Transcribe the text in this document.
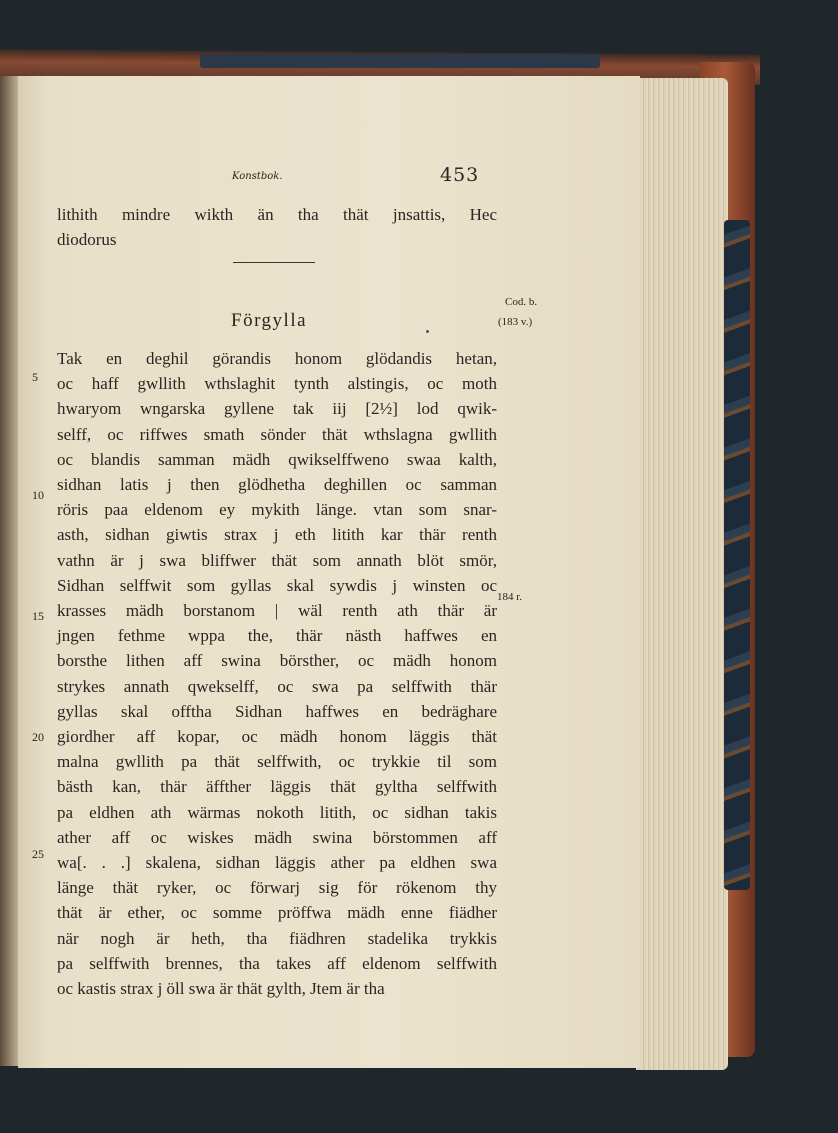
Konstbok.	453
lithith mindre wikth än tha thät jnsattis, Hec
diodorus
Förgylla
Cod. b.
(183 v.)
184 r.
5
10
15
20
25
Tak en deghil görandis honom glödandis hetan,
oc haff gwllith wthslaghit tynth alstingis, oc moth
hwaryom wngarska gyllene tak iij [2½] lod qwik-
selff, oc riffwes smath sönder thät wthslagna gwllith
oc blandis samman mädh qwikselffweno swaa kalth,
sidhan latis j then glödhetha deghillen oc samman
röris paa eldenom ey mykith länge. vtan som snar-
asth, sidhan giwtis strax j eth litith kar thär renth
vathn är j swa bliffwer thät som annath blöt smör,
Sidhan selffwit som gyllas skal sywdis j winsten oc
krasses mädh borstanom | wäl renth ath thär är
jngen fethme wppa the, thär nästh haffwes en
borsthe lithen aff swina börsther, oc mädh honom
strykes annath qwekselff, oc swa pa selffwith thär
gyllas skal offtha Sidhan haffwes en bedräghare
giordher aff kopar, oc mädh honom läggis thät
malna gwllith pa thät selffwith, oc trykkie til som
bästh kan, thär äffther läggis thät gyltha selffwith
pa eldhen ath wärmas nokoth litith, oc sidhan takis
ather aff oc wiskes mädh swina börstommen aff
wa[. . .] skalena, sidhan läggis ather pa eldhen swa
länge thät ryker, oc förwarj sig för rökenom thy
thät är ether, oc somme pröffwa mädh enne fiädher
när nogh är heth, tha fiädhren stadelika trykkis
pa selffwith brennes, tha takes aff eldenom selffwith
oc kastis strax j öll swa är thät gylth, Jtem är tha
